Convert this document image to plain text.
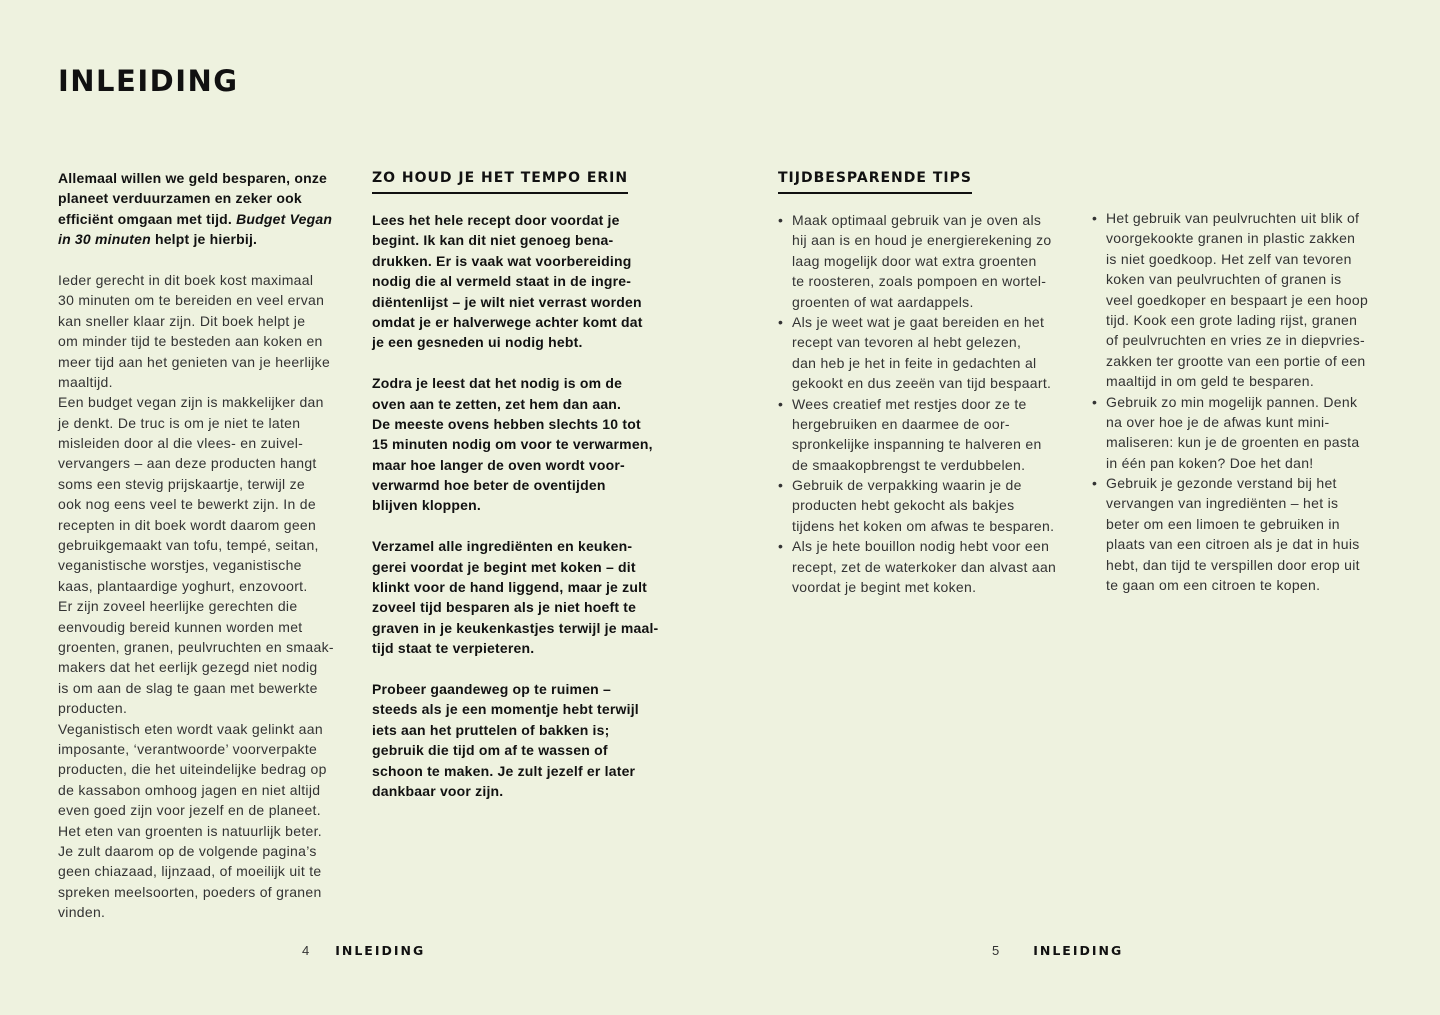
INLEIDING
Allemaal willen we geld besparen, onze
planeet verduurzamen en zeker ook
efficiënt omgaan met tijd. Budget Vegan
in 30 minuten helpt je hierbij.
Ieder gerecht in dit boek kost maximaal
30 minuten om te bereiden en veel ervan
kan sneller klaar zijn. Dit boek helpt je
om minder tijd te besteden aan koken en
meer tijd aan het genieten van je heerlijke
maaltijd.
Een budget vegan zijn is makkelijker dan
je denkt. De truc is om je niet te laten
misleiden door al die vlees- en zuivel-
vervangers – aan deze producten hangt
soms een stevig prijskaartje, terwijl ze
ook nog eens veel te bewerkt zijn. In de
recepten in dit boek wordt daarom geen
gebruikgemaakt van tofu, tempé, seitan,
veganistische worstjes, veganistische
kaas, plantaardige yoghurt, enzovoort.
Er zijn zoveel heerlijke gerechten die
eenvoudig bereid kunnen worden met
groenten, granen, peulvruchten en smaak-
makers dat het eerlijk gezegd niet nodig
is om aan de slag te gaan met bewerkte
producten.
Veganistisch eten wordt vaak gelinkt aan
imposante, ‘verantwoorde’ voorverpakte
producten, die het uiteindelijke bedrag op
de kassabon omhoog jagen en niet altijd
even goed zijn voor jezelf en de planeet.
Het eten van groenten is natuurlijk beter.
Je zult daarom op de volgende pagina’s
geen chiazaad, lijnzaad, of moeilijk uit te
spreken meelsoorten, poeders of granen
vinden.
ZO HOUD JE HET TEMPO ERIN
Lees het hele recept door voordat je
begint. Ik kan dit niet genoeg bena-
drukken. Er is vaak wat voorbereiding
nodig die al vermeld staat in de ingre-
diëntenlijst – je wilt niet verrast worden
omdat je er halverwege achter komt dat
je een gesneden ui nodig hebt.
Zodra je leest dat het nodig is om de
oven aan te zetten, zet hem dan aan.
De meeste ovens hebben slechts 10 tot
15 minuten nodig om voor te verwarmen,
maar hoe langer de oven wordt voor-
verwarmd hoe beter de oventijden
blijven kloppen.
Verzamel alle ingrediënten en keuken-
gerei voordat je begint met koken – dit
klinkt voor de hand liggend, maar je zult
zoveel tijd besparen als je niet hoeft te
graven in je keukenkastjes terwijl je maal-
tijd staat te verpieteren.
Probeer gaandeweg op te ruimen –
steeds als je een momentje hebt terwijl
iets aan het pruttelen of bakken is;
gebruik die tijd om af te wassen of
schoon te maken. Je zult jezelf er later
dankbaar voor zijn.
TIJDBESPARENDE TIPS
• Maak optimaal gebruik van je oven als
hij aan is en houd je energierekening zo
laag mogelijk door wat extra groenten
te roosteren, zoals pompoen en wortel-
groenten of wat aardappels.
• Als je weet wat je gaat bereiden en het
recept van tevoren al hebt gelezen,
dan heb je het in feite in gedachten al
gekookt en dus zeeën van tijd bespaart.
• Wees creatief met restjes door ze te
hergebruiken en daarmee de oor-
spronkelijke inspanning te halveren en
de smaakopbrengst te verdubbelen.
• Gebruik de verpakking waarin je de
producten hebt gekocht als bakjes
tijdens het koken om afwas te besparen.
• Als je hete bouillon nodig hebt voor een
recept, zet de waterkoker dan alvast aan
voordat je begint met koken.
• Het gebruik van peulvruchten uit blik of
voorgekookte granen in plastic zakken
is niet goedkoop. Het zelf van tevoren
koken van peulvruchten of granen is
veel goedkoper en bespaart je een hoop
tijd. Kook een grote lading rijst, granen
of peulvruchten en vries ze in diepvries-
zakken ter grootte van een portie of een
maaltijd in om geld te besparen.
• Gebruik zo min mogelijk pannen. Denk
na over hoe je de afwas kunt mini-
maliseren: kun je de groenten en pasta
in één pan koken? Doe het dan!
• Gebruik je gezonde verstand bij het
vervangen van ingrediënten – het is
beter om een limoen te gebruiken in
plaats van een citroen als je dat in huis
hebt, dan tijd te verspillen door erop uit
te gaan om een citroen te kopen.
4 INLEIDING	5	INLEIDING
